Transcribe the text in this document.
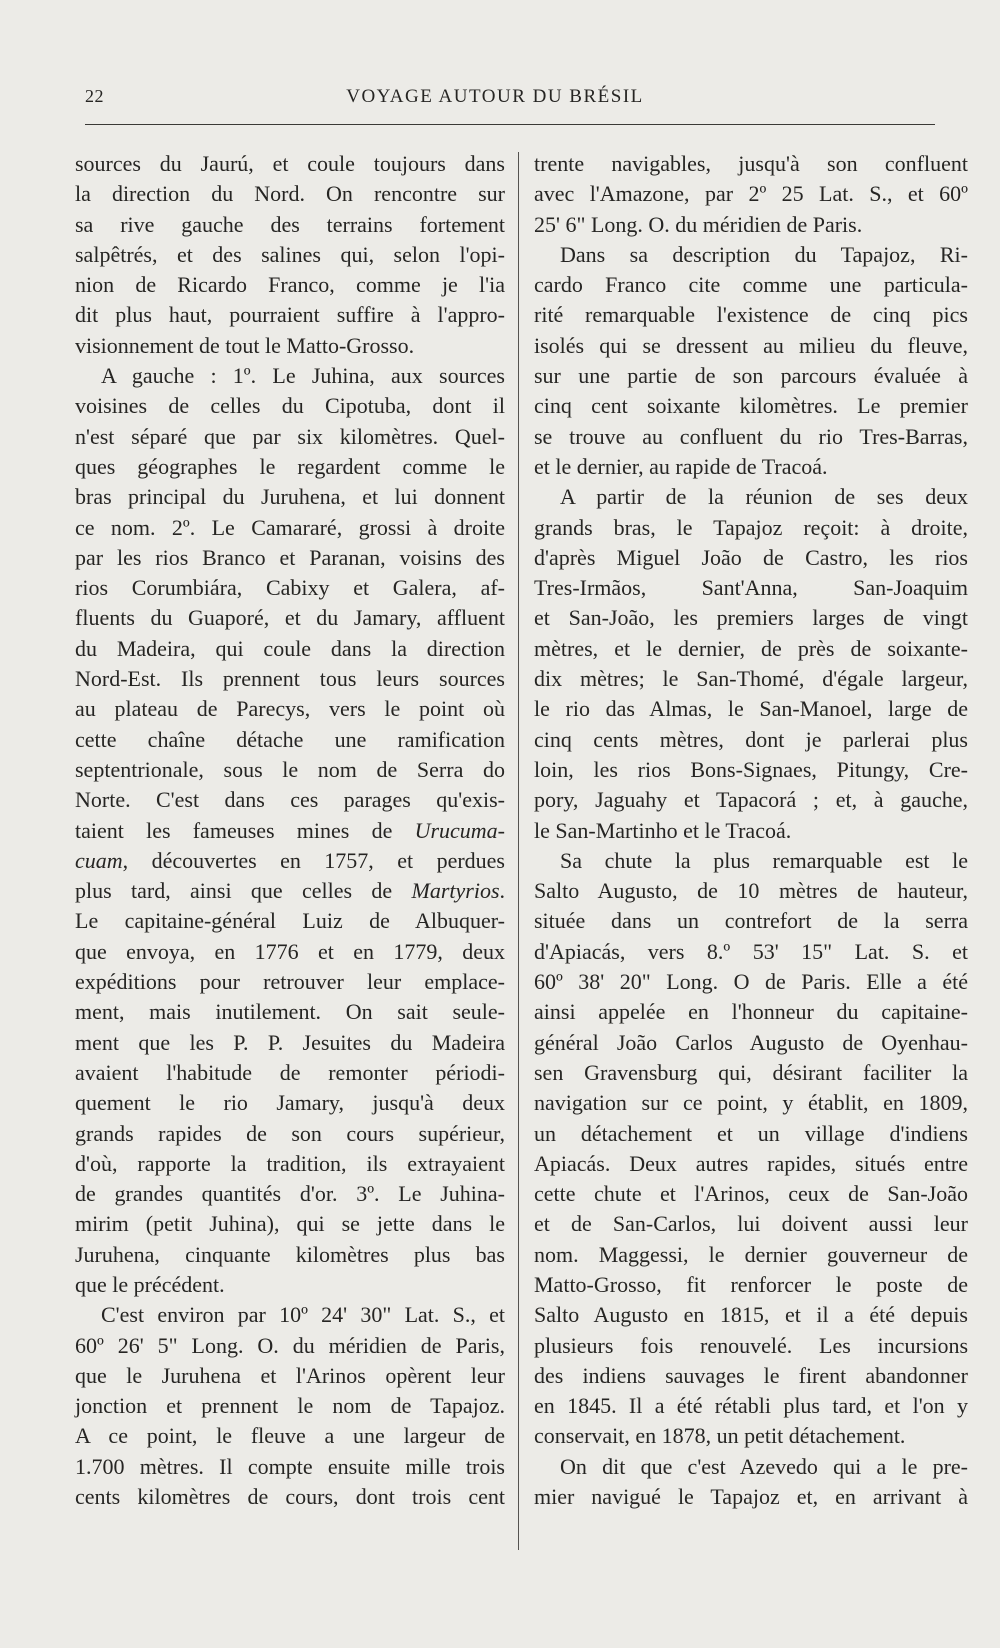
22	VOYAGE AUTOUR DU BRÉSIL
sources du Jaurú, et coule toujours dans
la direction du Nord. On rencontre sur
sa rive gauche des terrains fortement
salpêtrés, et des salines qui, selon l'opi-
nion de Ricardo Franco, comme je l'ia
dit plus haut, pourraient suffire à l'appro-
visionnement de tout le Matto-Grosso.
A gauche : 1º. Le Juhina, aux sources
voisines de celles du Cipotuba, dont il
n'est séparé que par six kilomètres. Quel-
ques géographes le regardent comme le
bras principal du Juruhena, et lui donnent
ce nom. 2º. Le Camararé, grossi à droite
par les rios Branco et Paranan, voisins des
rios Corumbiára, Cabixy et Galera, af-
fluents du Guaporé, et du Jamary, affluent
du Madeira, qui coule dans la direction
Nord-Est. Ils prennent tous leurs sources
au plateau de Parecys, vers le point où
cette chaîne détache une ramification
septentrionale, sous le nom de Serra do
Norte. C'est dans ces parages qu'exis-
taient les fameuses mines de Urucuma-
cuam, découvertes en 1757, et perdues
plus tard, ainsi que celles de Martyrios.
Le capitaine-général Luiz de Albuquer-
que envoya, en 1776 et en 1779, deux
expéditions pour retrouver leur emplace-
ment, mais inutilement. On sait seule-
ment que les P. P. Jesuites du Madeira
avaient l'habitude de remonter périodi-
quement le rio Jamary, jusqu'à deux
grands rapides de son cours supérieur,
d'où, rapporte la tradition, ils extrayaient
de grandes quantités d'or. 3º. Le Juhina-
mirim (petit Juhina), qui se jette dans le
Juruhena, cinquante kilomètres plus bas
que le précédent.
C'est environ par 10º 24' 30" Lat. S., et
60º 26' 5" Long. O. du méridien de Paris,
que le Juruhena et l'Arinos opèrent leur
jonction et prennent le nom de Tapajoz.
A ce point, le fleuve a une largeur de
1.700 mètres. Il compte ensuite mille trois
cents kilomètres de cours, dont trois cent
trente navigables, jusqu'à son confluent
avec l'Amazone, par 2º 25 Lat. S., et 60º
25' 6" Long. O. du méridien de Paris.
Dans sa description du Tapajoz, Ri-
cardo Franco cite comme une particula-
rité remarquable l'existence de cinq pics
isolés qui se dressent au milieu du fleuve,
sur une partie de son parcours évaluée à
cinq cent soixante kilomètres. Le premier
se trouve au confluent du rio Tres-Barras,
et le dernier, au rapide de Tracoá.
A partir de la réunion de ses deux
grands bras, le Tapajoz reçoit: à droite,
d'après Miguel João de Castro, les rios
Tres-Irmãos, Sant'Anna, San-Joaquim
et San-João, les premiers larges de vingt
mètres, et le dernier, de près de soixante-
dix mètres; le San-Thomé, d'égale largeur,
le rio das Almas, le San-Manoel, large de
cinq cents mètres, dont je parlerai plus
loin, les rios Bons-Signaes, Pitungy, Cre-
pory, Jaguahy et Tapacorá ; et, à gauche,
le San-Martinho et le Tracoá.
Sa chute la plus remarquable est le
Salto Augusto, de 10 mètres de hauteur,
située dans un contrefort de la serra
d'Apiacás, vers 8.º 53' 15" Lat. S. et
60º 38' 20" Long. O de Paris. Elle a été
ainsi appelée en l'honneur du capitaine-
général João Carlos Augusto de Oyenhau-
sen Gravensburg qui, désirant faciliter la
navigation sur ce point, y établit, en 1809,
un détachement et un village d'indiens
Apiacás. Deux autres rapides, situés entre
cette chute et l'Arinos, ceux de San-João
et de San-Carlos, lui doivent aussi leur
nom. Maggessi, le dernier gouverneur de
Matto-Grosso, fit renforcer le poste de
Salto Augusto en 1815, et il a été depuis
plusieurs fois renouvelé. Les incursions
des indiens sauvages le firent abandonner
en 1845. Il a été rétabli plus tard, et l'on y
conservait, en 1878, un petit détachement.
On dit que c'est Azevedo qui a le pre-
mier navigué le Tapajoz et, en arrivant à
